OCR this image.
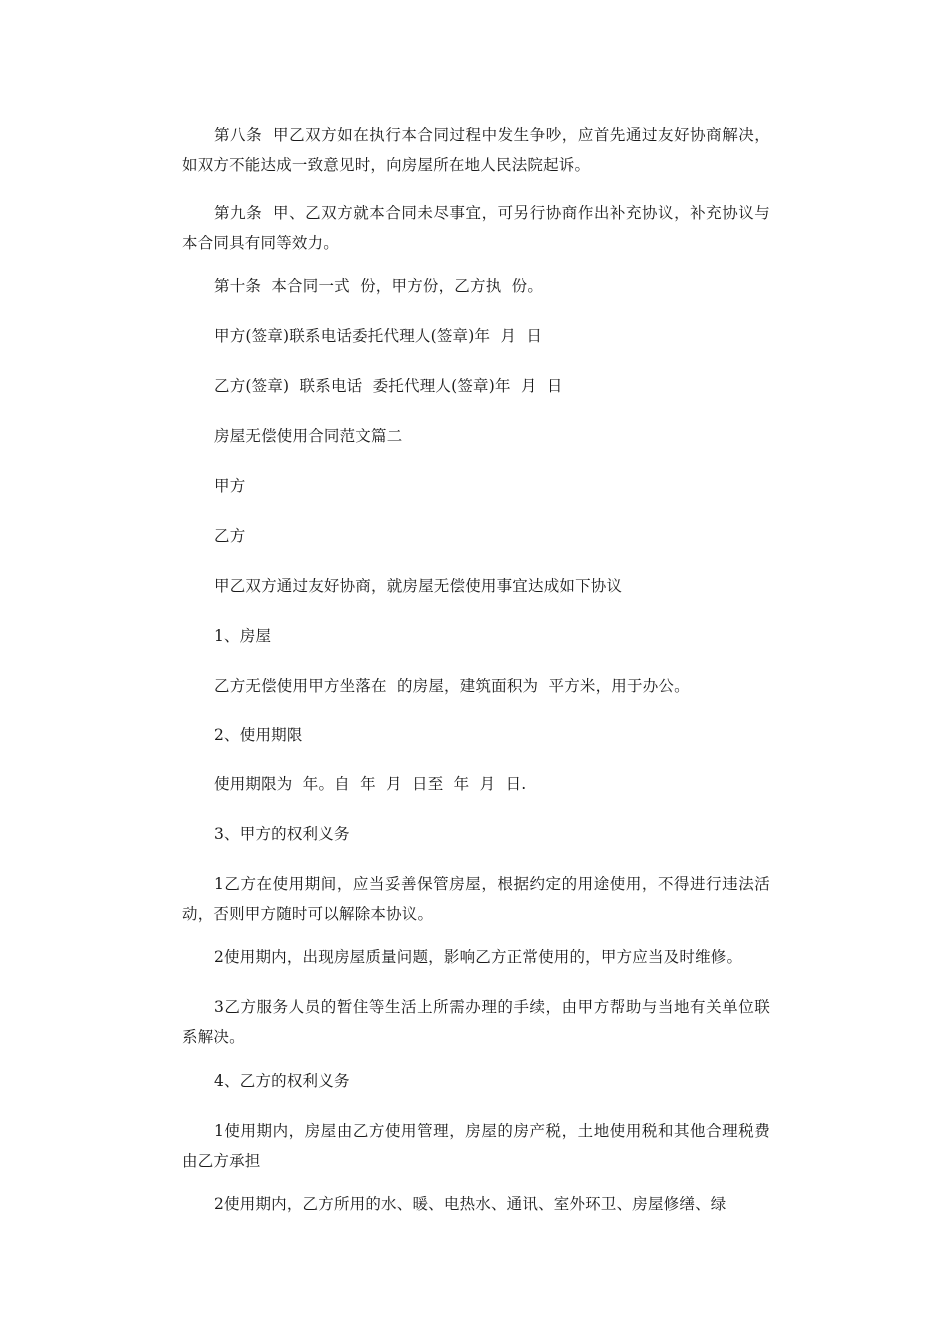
第八条  甲乙双方如在执行本合同过程中发生争吵，应首先通过友好协商解决，  如双方不能达成一致意见时，向房屋所在地人民法院起诉。

第九条  甲、乙双方就本合同未尽事宜，可另行协商作出补充协议，补充协议与本合同具有同等效力。

第十条  本合同一式  份，甲方份，乙方执  份。

甲方(签章)联系电话委托代理人(签章)年  月  日

乙方(签章)  联系电话  委托代理人(签章)年  月  日

房屋无偿使用合同范文篇二

甲方

乙方

甲乙双方通过友好协商，就房屋无偿使用事宜达成如下协议

1、房屋

乙方无偿使用甲方坐落在  的房屋，建筑面积为  平方米，用于办公。

2、使用期限

使用期限为  年。自  年  月  日至  年  月  日.

3、甲方的权利义务

1乙方在使用期间，应当妥善保管房屋，根据约定的用途使用，不得进行违法活动，否则甲方随时可以解除本协议。

2使用期内，出现房屋质量问题，影响乙方正常使用的，甲方应当及时维修。

3乙方服务人员的暂住等生活上所需办理的手续，由甲方帮助与当地有关单位联系解决。

4、乙方的权利义务

1使用期内，房屋由乙方使用管理，房屋的房产税，土地使用税和其他合理税费由乙方承担

2使用期内，乙方所用的水、暖、电热水、通讯、室外环卫、房屋修缮、绿
